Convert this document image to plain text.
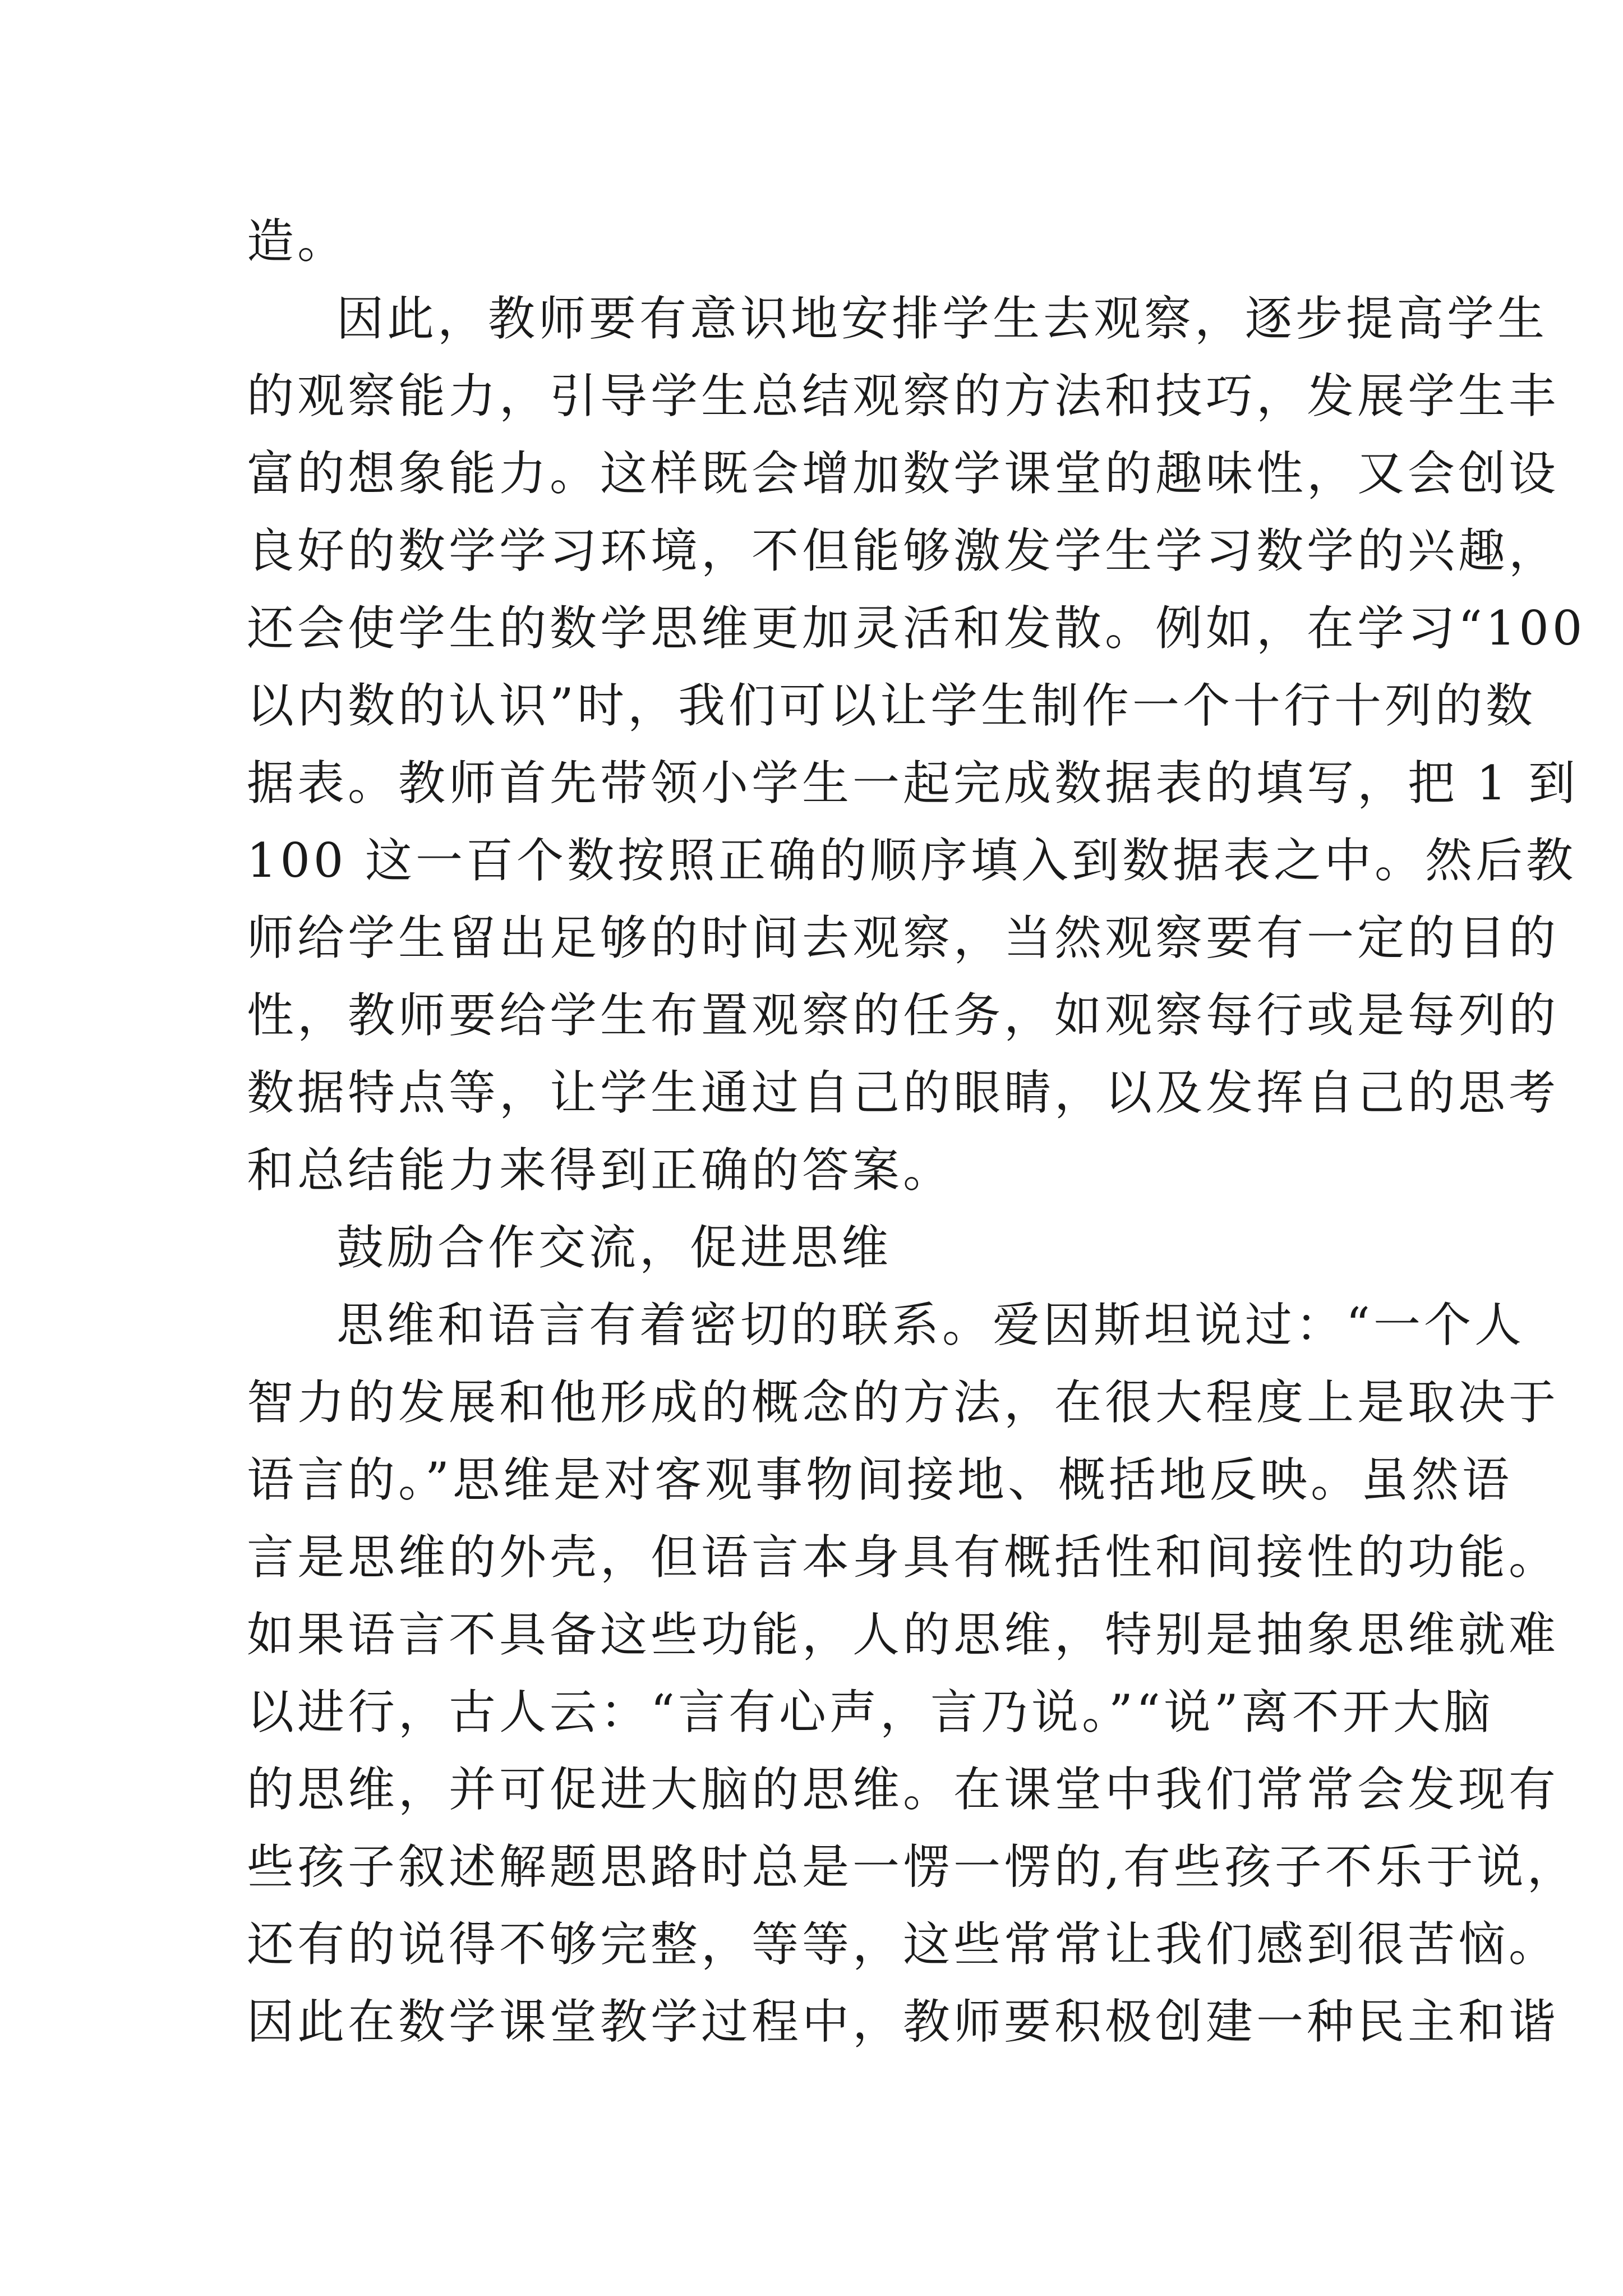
造。
因此，教师要有意识地安排学生去观察，逐步提高学生
的观察能力，引导学生总结观察的方法和技巧，发展学生丰
富的想象能力。这样既会增加数学课堂的趣味性，又会创设
良好的数学学习环境，不但能够激发学生学习数学的兴趣，
还会使学生的数学思维更加灵活和发散。例如，在学习“100
以内数的认识”时，我们可以让学生制作一个十行十列的数
据表。教师首先带领小学生一起完成数据表的填写，把 1 到
100 这一百个数按照正确的顺序填入到数据表之中。然后教
师给学生留出足够的时间去观察，当然观察要有一定的目的
性，教师要给学生布置观察的任务，如观察每行或是每列的
数据特点等，让学生通过自己的眼睛，以及发挥自己的思考
和总结能力来得到正确的答案。
鼓励合作交流，促进思维
思维和语言有着密切的联系。爱因斯坦说过：“一个人
智力的发展和他形成的概念的方法，在很大程度上是取决于
语言的。”思维是对客观事物间接地、概括地反映。虽然语
言是思维的外壳，但语言本身具有概括性和间接性的功能。
如果语言不具备这些功能，人的思维，特别是抽象思维就难
以进行，古人云：“言有心声，言乃说。”“说”离不开大脑
的思维，并可促进大脑的思维。在课堂中我们常常会发现有
些孩子叙述解题思路时总是一愣一愣的,有些孩子不乐于说，
还有的说得不够完整，等等，这些常常让我们感到很苦恼。
因此在数学课堂教学过程中，教师要积极创建一种民主和谐
